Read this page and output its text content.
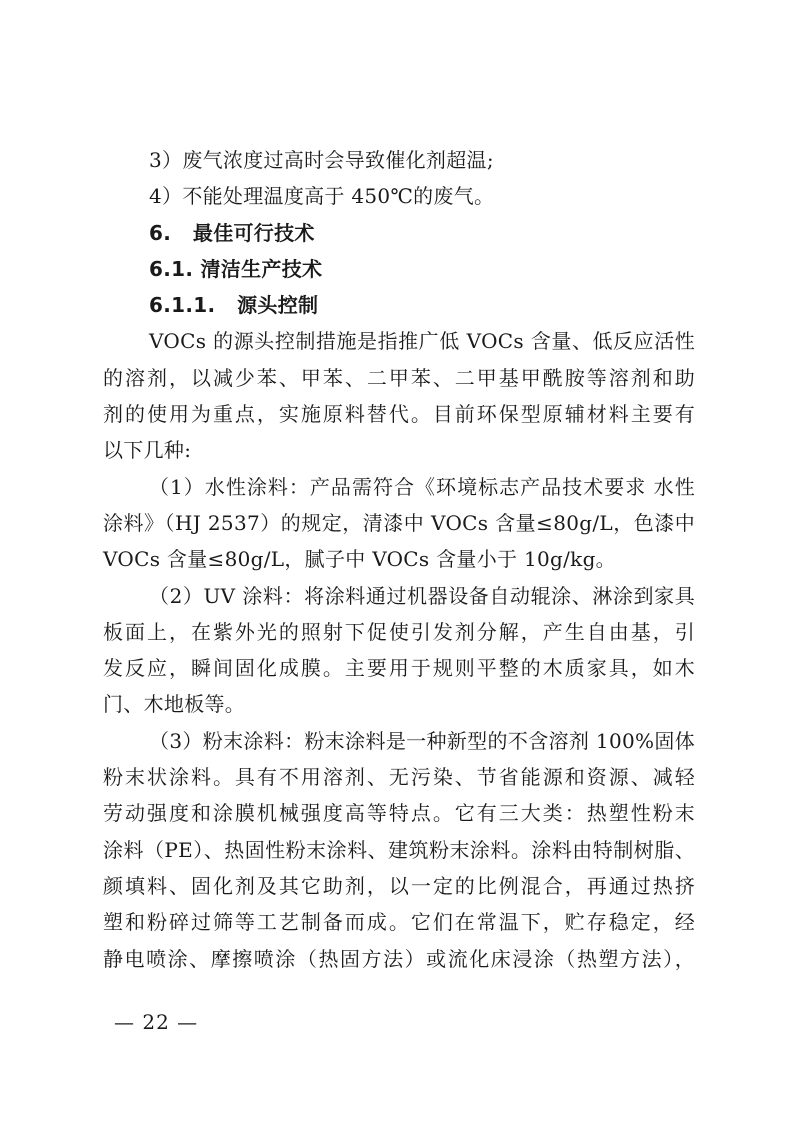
3）废气浓度过高时会导致催化剂超温;
4）不能处理温度高于 450℃的废气。
6.   最佳可行技术
6.1. 清洁生产技术
6.1.1.   源头控制
VOCs 的源头控制措施是指推广低 VOCs 含量、低反应活性
的溶剂，以减少苯、甲苯、二甲苯、二甲基甲酰胺等溶剂和助
剂的使用为重点，实施原料替代。目前环保型原辅材料主要有
以下几种:
（1）水性涂料：产品需符合《环境标志产品技术要求 水性
涂料》（HJ 2537）的规定，清漆中 VOCs 含量≤80g/L，色漆中
VOCs 含量≤80g/L，腻子中 VOCs 含量小于 10g/kg。
（2）UV 涂料：将涂料通过机器设备自动辊涂、淋涂到家具
板面上，在紫外光的照射下促使引发剂分解，产生自由基，引
发反应，瞬间固化成膜。主要用于规则平整的木质家具，如木
门、木地板等。
（3）粉末涂料：粉末涂料是一种新型的不含溶剂 100%固体
粉末状涂料。具有不用溶剂、无污染、节省能源和资源、减轻
劳动强度和涂膜机械强度高等特点。它有三大类：热塑性粉末
涂料（PE）、热固性粉末涂料、建筑粉末涂料。涂料由特制树脂、
颜填料、固化剂及其它助剂，以一定的比例混合，再通过热挤
塑和粉碎过筛等工艺制备而成。它们在常温下，贮存稳定，经
静电喷涂、摩擦喷涂（热固方法）或流化床浸涂（热塑方法），
— 22 —
